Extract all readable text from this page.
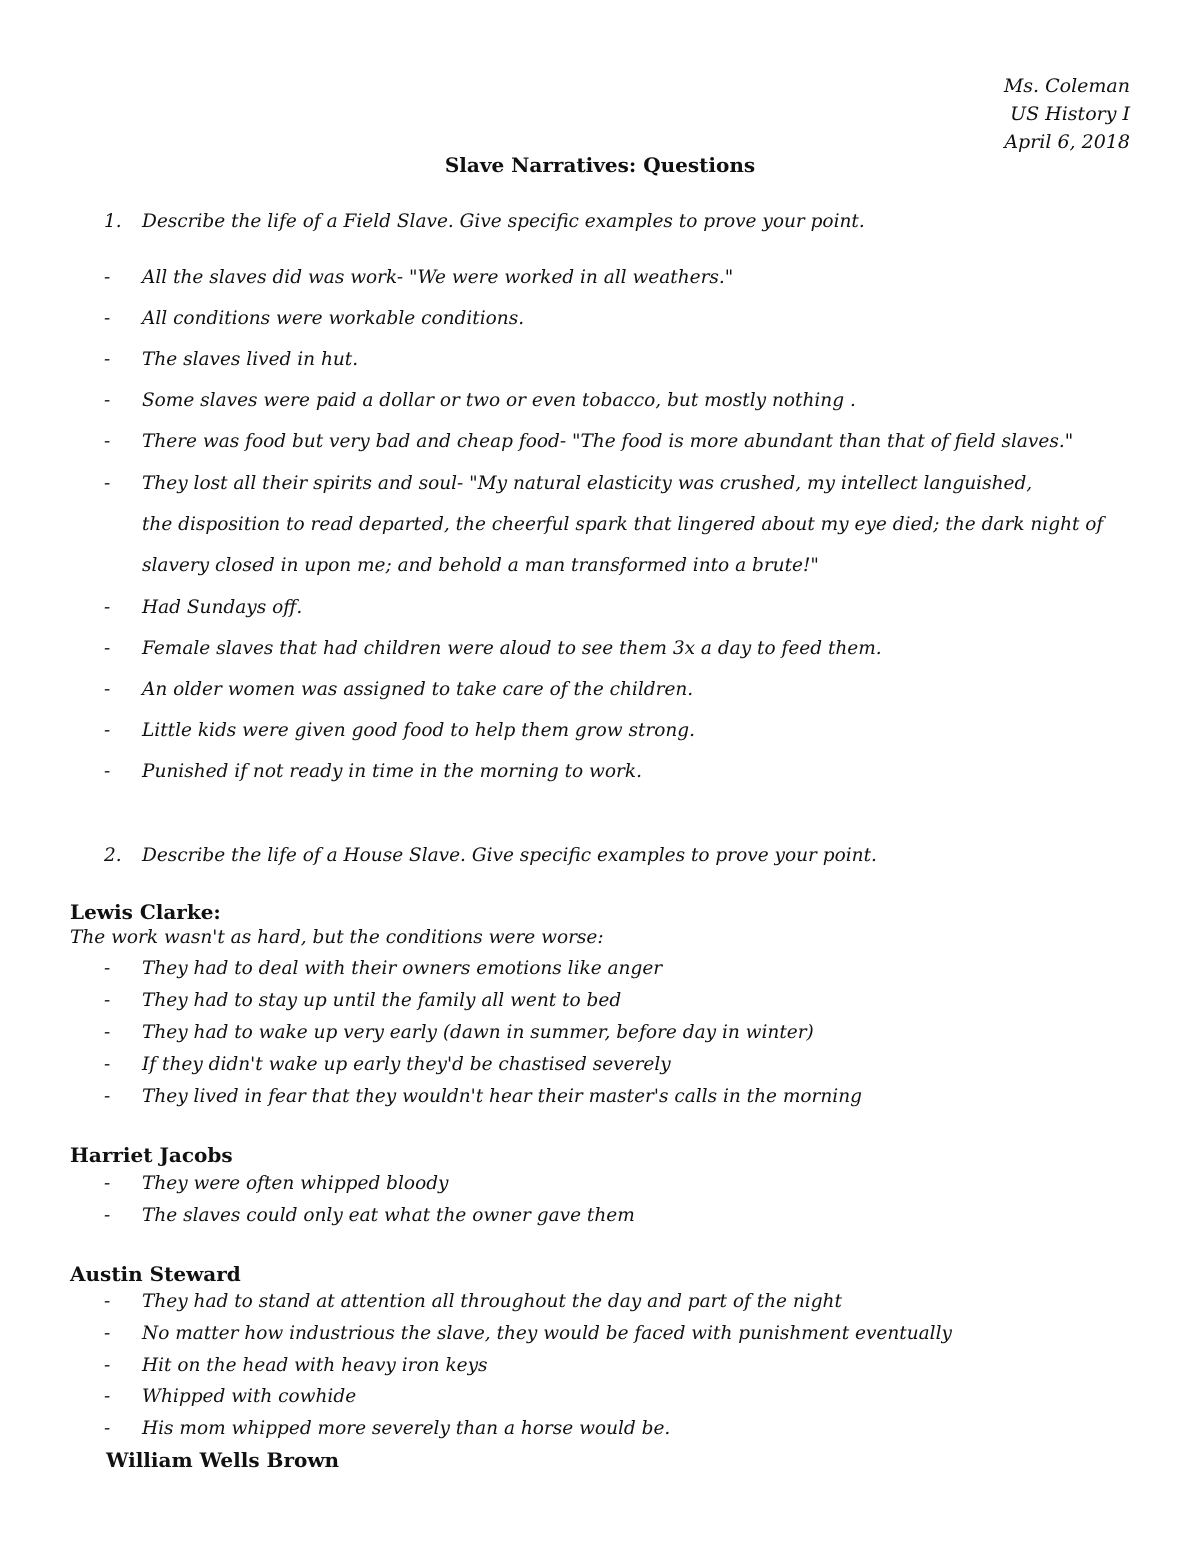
Ms. Coleman
US History I
April 6, 2018
Slave Narratives: Questions
1. Describe the life of a Field Slave. Give specific examples to prove your point.
- All the slaves did was work- "We were worked in all weathers."
- All conditions were workable conditions.
- The slaves lived in hut.
- Some slaves were paid a dollar or two or even tobacco, but mostly nothing .
- There was food but very bad and cheap food- "The food is more abundant than that of field slaves."
- They lost all their spirits and soul- "My natural elasticity was crushed, my intellect languished,
the disposition to read departed, the cheerful spark that lingered about my eye died; the dark night of
slavery closed in upon me; and behold a man transformed into a brute!"
- Had Sundays off.
- Female slaves that had children were aloud to see them 3x a day to feed them.
- An older women was assigned to take care of the children.
- Little kids were given good food to help them grow strong.
- Punished if not ready in time in the morning to work.
2. Describe the life of a House Slave. Give specific examples to prove your point.
Lewis Clarke:
The work wasn't as hard, but the conditions were worse:
- They had to deal with their owners emotions like anger
- They had to stay up until the family all went to bed
- They had to wake up very early (dawn in summer, before day in winter)
- If they didn't wake up early they'd be chastised severely
- They lived in fear that they wouldn't hear their master's calls in the morning
Harriet Jacobs
- They were often whipped bloody
- The slaves could only eat what the owner gave them
Austin Steward
- They had to stand at attention all throughout the day and part of the night
- No matter how industrious the slave, they would be faced with punishment eventually
- Hit on the head with heavy iron keys
- Whipped with cowhide
- His mom whipped more severely than a horse would be.
William Wells Brown
